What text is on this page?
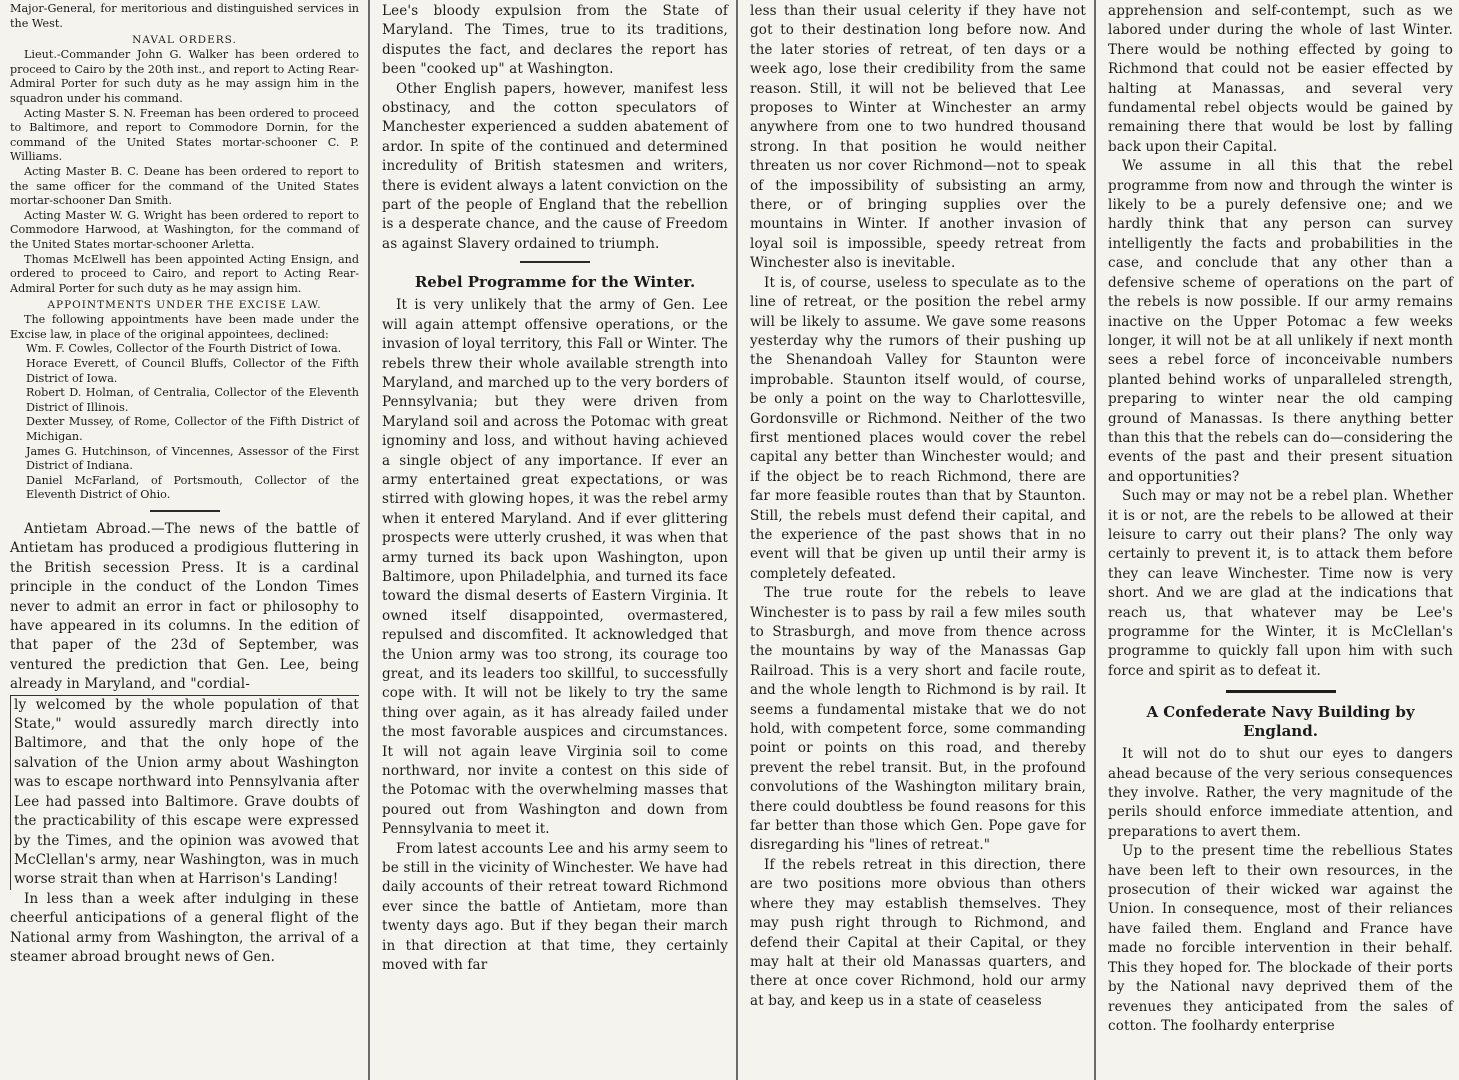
Major-General, for meritorious and distinguished services in the West.

NAVAL ORDERS.

Lieut.-Commander John G. Walker has been ordered to proceed to Cairo by the 20th inst., and report to Acting Rear-Admiral Porter for such duty as he may assign him in the squadron under his command.

Acting Master S. N. Freeman has been ordered to proceed to Baltimore, and report to Commodore Dornin, for the command of the United States mortar-schooner C. P. Williams.

Acting Master B. C. Deane has been ordered to report to the same officer for the command of the United States mortar-schooner Dan Smith.

Acting Master W. G. Wright has been ordered to report to Commodore Harwood, at Washington, for the command of the United States mortar-schooner Arletta.

Thomas McElwell has been appointed Acting Ensign, and ordered to proceed to Cairo, and report to Acting Rear-Admiral Porter for such duty as he may assign him.

APPOINTMENTS UNDER THE EXCISE LAW.

The following appointments have been made under the Excise law, in place of the original appointees, declined:

Wm. F. Cowles, Collector of the Fourth District of Iowa.

Horace Everett, of Council Bluffs, Collector of the Fifth District of Iowa.

Robert D. Holman, of Centralia, Collector of the Eleventh District of Illinois.

Dexter Mussey, of Rome, Collector of the Fifth District of Michigan.

James G. Hutchinson, of Vincennes, Assessor of the First District of Indiana.

Daniel McFarland, of Portsmouth, Collector of the Eleventh District of Ohio.

Antietam Abroad.—The news of the battle of Antietam has produced a prodigious fluttering in the British secession Press. It is a cardinal principle in the conduct of the London Times never to admit an error in fact or philosophy to have appeared in its columns. In the edition of that paper of the 23d of September, was ventured the prediction that Gen. Lee, being already in Maryland, and "cordial-

ly welcomed by the whole population of that State," would assuredly march directly into Baltimore, and that the only hope of the salvation of the Union army about Washington was to escape northward into Pennsylvania after Lee had passed into Baltimore. Grave doubts of the practicability of this escape were expressed by the Times, and the opinion was avowed that McClellan's army, near Washington, was in much worse strait than when at Harrison's Landing!

In less than a week after indulging in these cheerful anticipations of a general flight of the National army from Washington, the arrival of a steamer abroad brought news of Gen.

Lee's bloody expulsion from the State of Maryland. The Times, true to its traditions, disputes the fact, and declares the report has been "cooked up" at Washington.

Other English papers, however, manifest less obstinacy, and the cotton speculators of Manchester experienced a sudden abatement of ardor. In spite of the continued and determined incredulity of British statesmen and writers, there is evident always a latent conviction on the part of the people of England that the rebellion is a desperate chance, and the cause of Freedom as against Slavery ordained to triumph.

Rebel Programme for the Winter.

It is very unlikely that the army of Gen. Lee will again attempt offensive operations, or the invasion of loyal territory, this Fall or Winter. The rebels threw their whole available strength into Maryland, and marched up to the very borders of Pennsylvania; but they were driven from Maryland soil and across the Potomac with great ignominy and loss, and without having achieved a single object of any importance. If ever an army entertained great expectations, or was stirred with glowing hopes, it was the rebel army when it entered Maryland. And if ever glittering prospects were utterly crushed, it was when that army turned its back upon Washington, upon Baltimore, upon Philadelphia, and turned its face toward the dismal deserts of Eastern Virginia. It owned itself disappointed, overmastered, repulsed and discomfited. It acknowledged that the Union army was too strong, its courage too great, and its leaders too skillful, to successfully cope with. It will not be likely to try the same thing over again, as it has already failed under the most favorable auspices and circumstances. It will not again leave Virginia soil to come northward, nor invite a contest on this side of the Potomac with the overwhelming masses that poured out from Washington and down from Pennsylvania to meet it.

From latest accounts Lee and his army seem to be still in the vicinity of Winchester. We have had daily accounts of their retreat toward Richmond ever since the battle of Antietam, more than twenty days ago. But if they began their march in that direction at that time, they certainly moved with far

less than their usual celerity if they have not got to their destination long before now. And the later stories of retreat, of ten days or a week ago, lose their credibility from the same reason. Still, it will not be believed that Lee proposes to Winter at Winchester an army anywhere from one to two hundred thousand strong. In that position he would neither threaten us nor cover Richmond—not to speak of the impossibility of subsisting an army, there, or of bringing supplies over the mountains in Winter. If another invasion of loyal soil is impossible, speedy retreat from Winchester also is inevitable.

It is, of course, useless to speculate as to the line of retreat, or the position the rebel army will be likely to assume. We gave some reasons yesterday why the rumors of their pushing up the Shenandoah Valley for Staunton were improbable. Staunton itself would, of course, be only a point on the way to Charlottesville, Gordonsville or Richmond. Neither of the two first mentioned places would cover the rebel capital any better than Winchester would; and if the object be to reach Richmond, there are far more feasible routes than that by Staunton. Still, the rebels must defend their capital, and the experience of the past shows that in no event will that be given up until their army is completely defeated.

The true route for the rebels to leave Winchester is to pass by rail a few miles south to Strasburgh, and move from thence across the mountains by way of the Manassas Gap Railroad. This is a very short and facile route, and the whole length to Richmond is by rail. It seems a fundamental mistake that we do not hold, with competent force, some commanding point or points on this road, and thereby prevent the rebel transit. But, in the profound convolutions of the Washington military brain, there could doubtless be found reasons for this far better than those which Gen. Pope gave for disregarding his "lines of retreat."

If the rebels retreat in this direction, there are two positions more obvious than others where they may establish themselves. They may push right through to Richmond, and defend their Capital at their Capital, or they may halt at their old Manassas quarters, and there at once cover Richmond, hold our army at bay, and keep us in a state of ceaseless

apprehension and self-contempt, such as we labored under during the whole of last Winter. There would be nothing effected by going to Richmond that could not be easier effected by halting at Manassas, and several very fundamental rebel objects would be gained by remaining there that would be lost by falling back upon their Capital.

We assume in all this that the rebel programme from now and through the winter is likely to be a purely defensive one; and we hardly think that any person can survey intelligently the facts and probabilities in the case, and conclude that any other than a defensive scheme of operations on the part of the rebels is now possible. If our army remains inactive on the Upper Potomac a few weeks longer, it will not be at all unlikely if next month sees a rebel force of inconceivable numbers planted behind works of unparalleled strength, preparing to winter near the old camping ground of Manassas. Is there anything better than this that the rebels can do—considering the events of the past and their present situation and opportunities?

Such may or may not be a rebel plan. Whether it is or not, are the rebels to be allowed at their leisure to carry out their plans? The only way certainly to prevent it, is to attack them before they can leave Winchester. Time now is very short. And we are glad at the indications that reach us, that whatever may be Lee's programme for the Winter, it is McClellan's programme to quickly fall upon him with such force and spirit as to defeat it.

A Confederate Navy Building by England.

It will not do to shut our eyes to dangers ahead because of the very serious consequences they involve. Rather, the very magnitude of the perils should enforce immediate attention, and preparations to avert them.

Up to the present time the rebellious States have been left to their own resources, in the prosecution of their wicked war against the Union. In consequence, most of their reliances have failed them. England and France have made no forcible intervention in their behalf. This they hoped for. The blockade of their ports by the National navy deprived them of the revenues they anticipated from the sales of cotton. The foolhardy enterprise
